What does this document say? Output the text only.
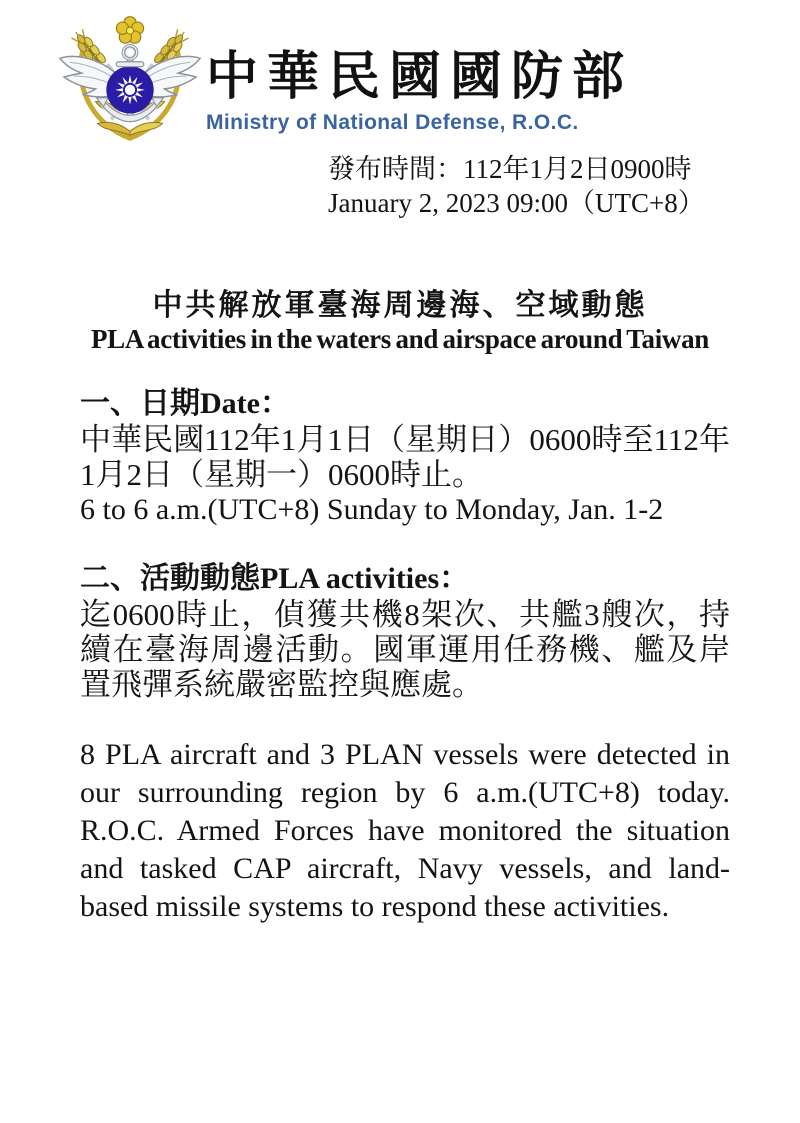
中華民國國防部
Ministry of National Defense, R.O.C.
發布時間：112年1月2日0900時
January 2, 2023 09:00（UTC+8）
中共解放軍臺海周邊海、空域動態
PLA activities in the waters and airspace around Taiwan
一、日期Date：

中華民國112年1月1日（星期日）0600時至112年1月2日（星期一）0600時止。

6 to 6 a.m.(UTC+8) Sunday to Monday, Jan. 1-2

二、活動動態PLA activities：

迄0600時止，偵獲共機8架次、共艦3艘次，持續在臺海周邊活動。國軍運用任務機、艦及岸置飛彈系統嚴密監控與應處。

8 PLA aircraft and 3 PLAN vessels were detected in our surrounding region by 6 a.m.(UTC+8) today. R.O.C. Armed Forces have monitored the situation and tasked CAP aircraft, Navy vessels, and land-based missile systems to respond these activities.
